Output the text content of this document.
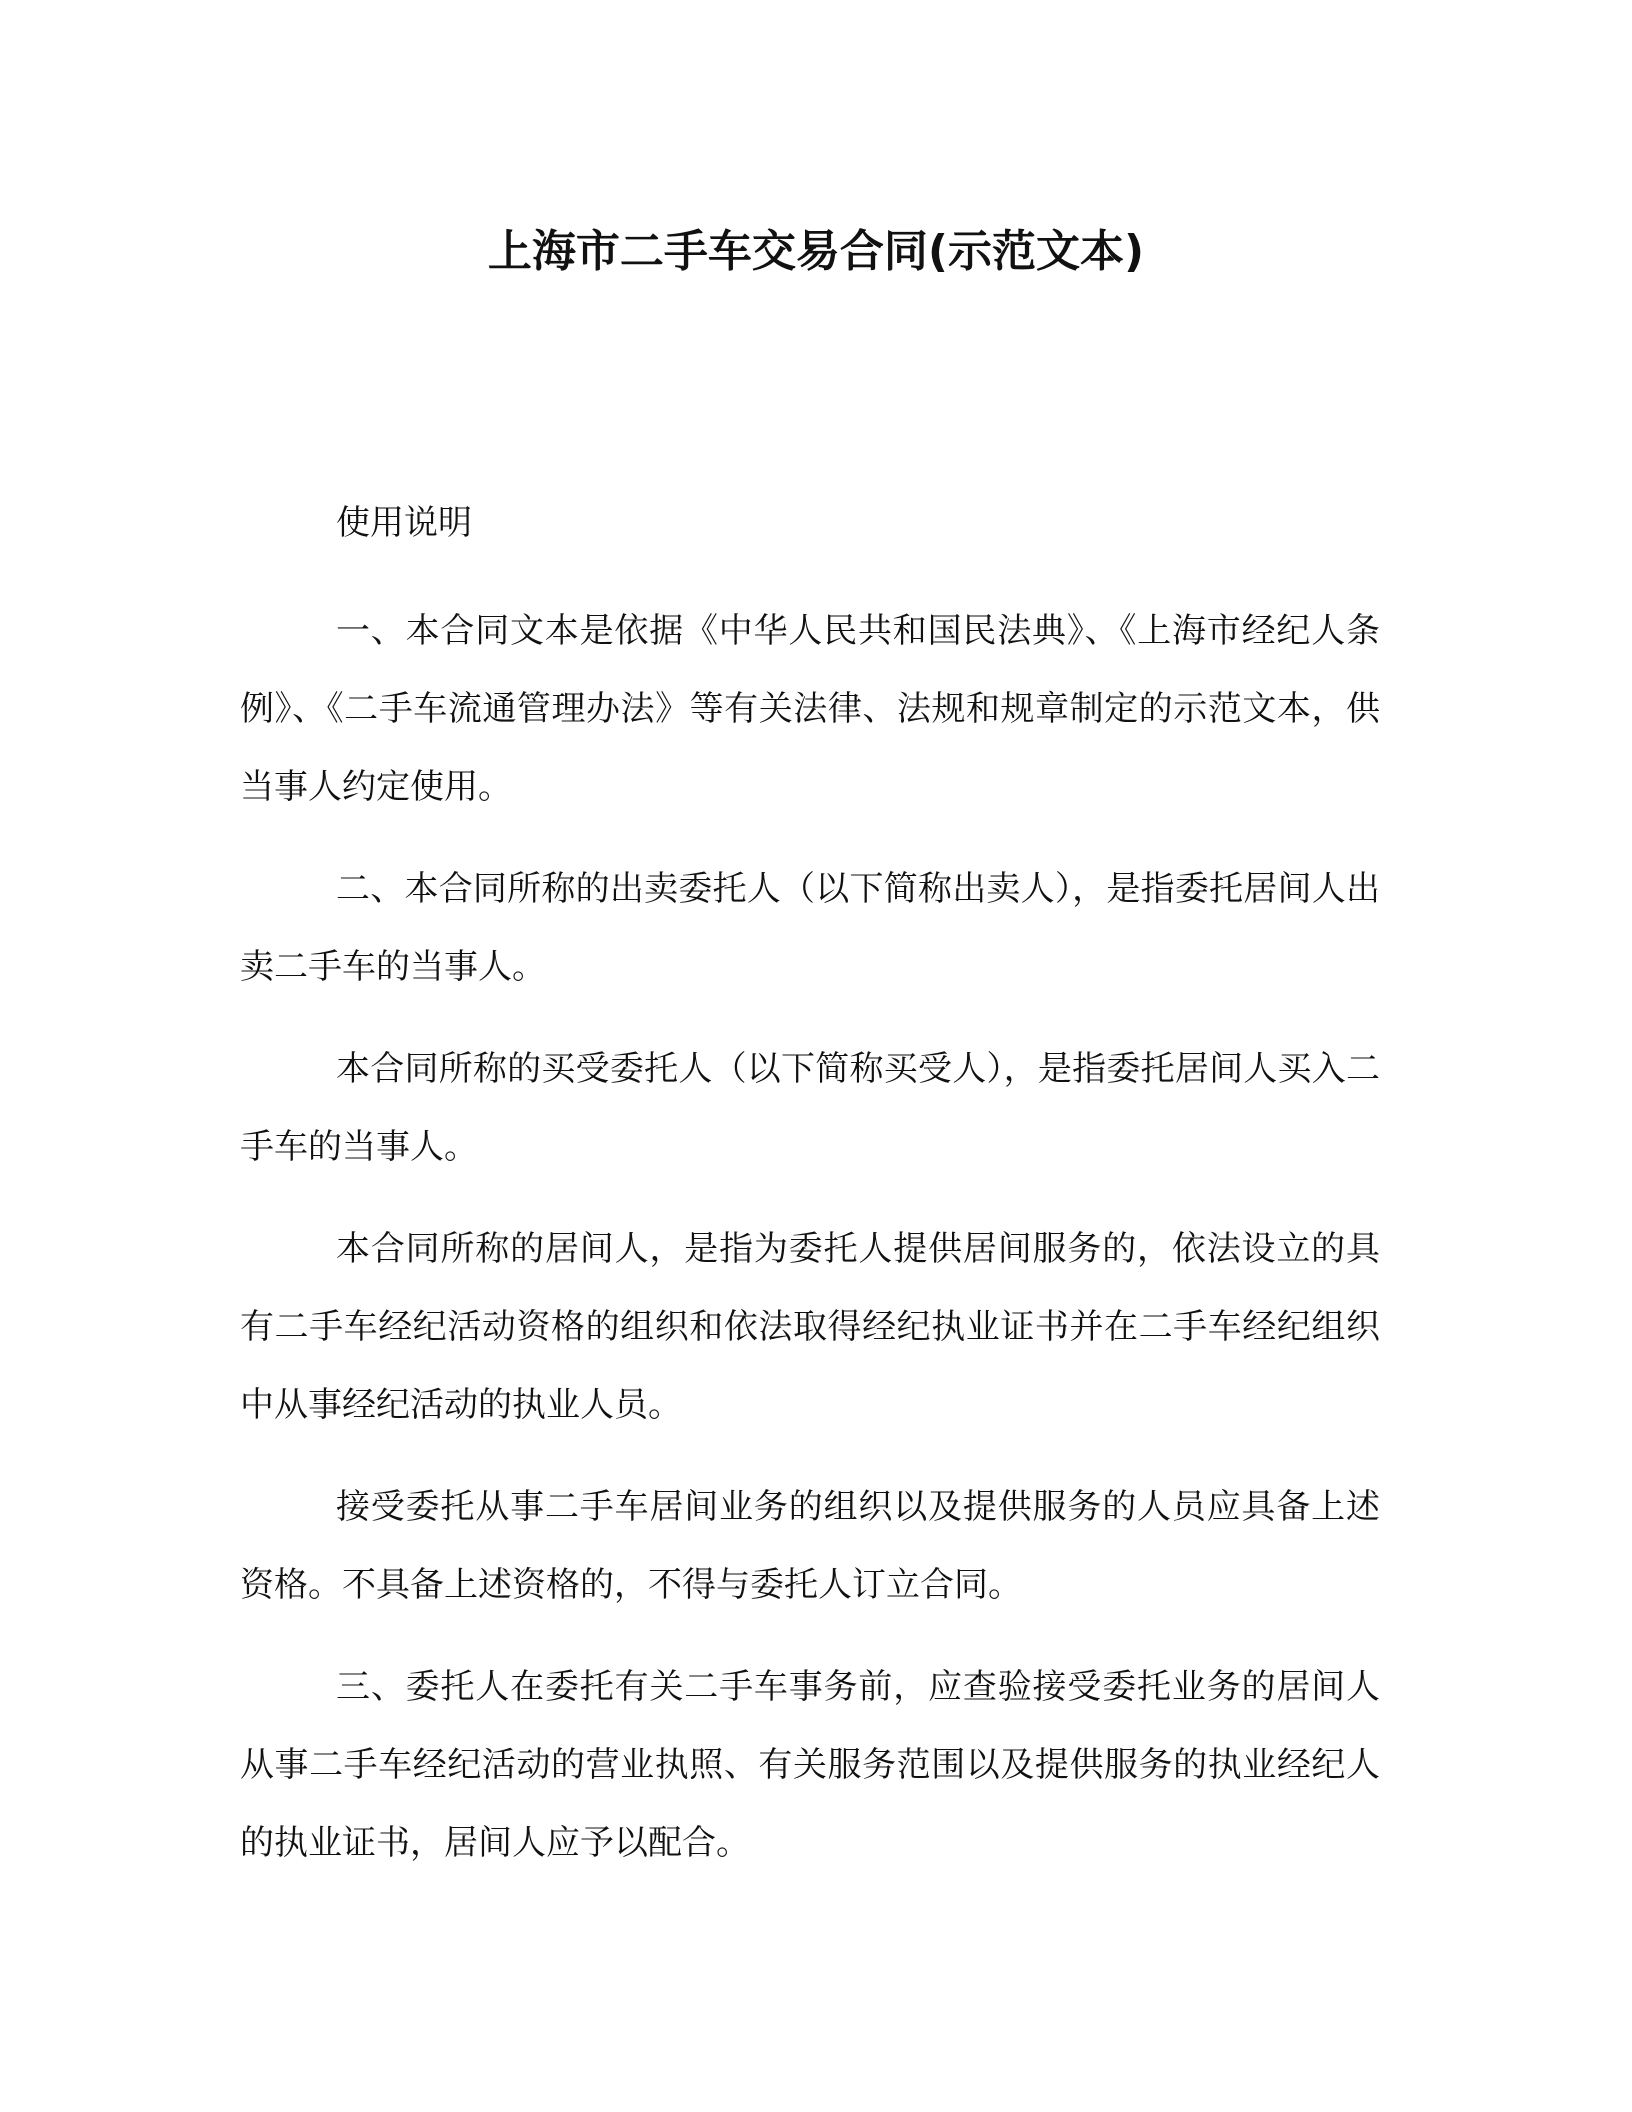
上海市二手车交易合同(示范文本)

使用说明

一、本合同文本是依据《中华人民共和国民法典》、《上海市经纪人条例》、《二手车流通管理办法》等有关法律、法规和规章制定的示范文本，供当事人约定使用。

二、本合同所称的出卖委托人（以下简称出卖人），是指委托居间人出卖二手车的当事人。

本合同所称的买受委托人（以下简称买受人），是指委托居间人买入二手车的当事人。

本合同所称的居间人，是指为委托人提供居间服务的，依法设立的具有二手车经纪活动资格的组织和依法取得经纪执业证书并在二手车经纪组织中从事经纪活动的执业人员。

接受委托从事二手车居间业务的组织以及提供服务的人员应具备上述资格。不具备上述资格的，不得与委托人订立合同。

三、委托人在委托有关二手车事务前，应查验接受委托业务的居间人从事二手车经纪活动的营业执照、有关服务范围以及提供服务的执业经纪人的执业证书，居间人应予以配合。
